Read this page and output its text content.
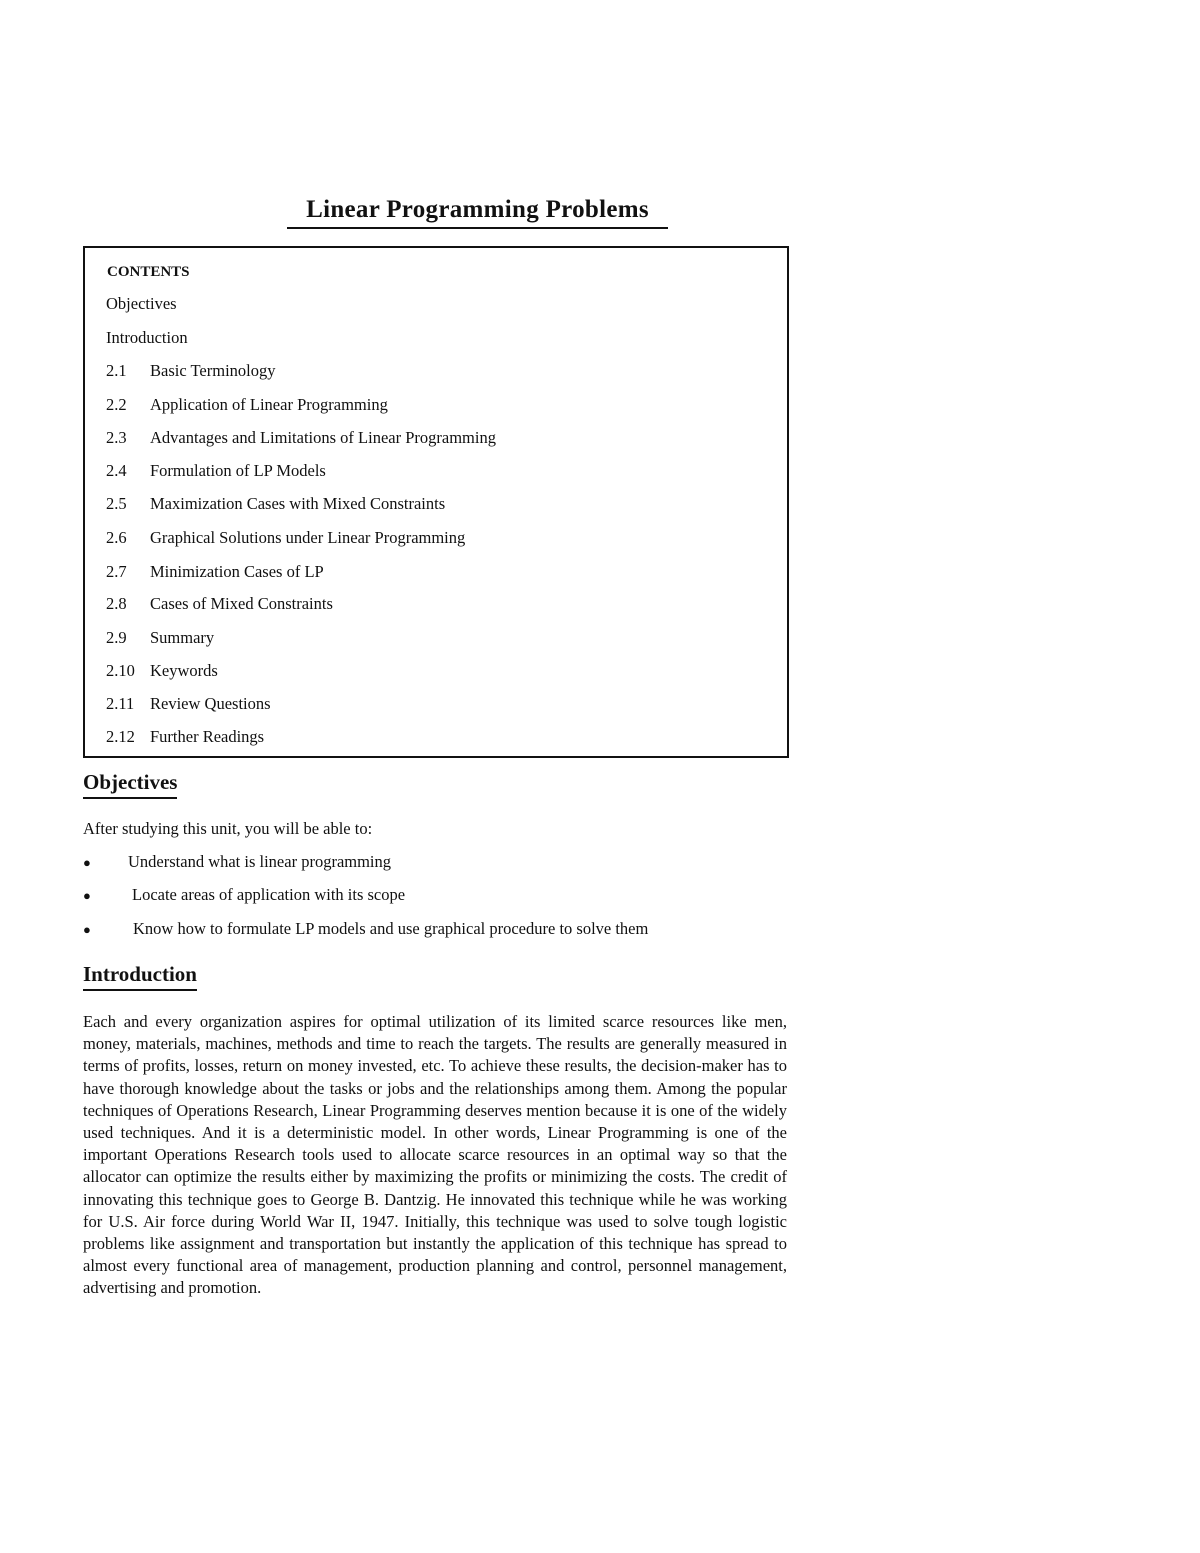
Linear Programming Problems
CONTENTS
Objectives
Introduction
2.1 Basic Terminology
2.2 Application of Linear Programming
2.3 Advantages and Limitations of Linear Programming
2.4 Formulation of LP Models
2.5 Maximization Cases with Mixed Constraints
2.6 Graphical Solutions under Linear Programming
2.7 Minimization Cases of LP
2.8 Cases of Mixed Constraints
2.9 Summary
2.10 Keywords
2.11 Review Questions
2.12 Further Readings
Objectives
After studying this unit, you will be able to:
● Understand what is linear programming
● Locate areas of application with its scope
●	Know how to formulate LP models and use graphical procedure to solve them
Introduction
Each and every organization aspires for optimal utilization of its limited scarce resources like men, money, materials, machines, methods and time to reach the targets. The results are generally measured in terms of profits, losses, return on money invested, etc. To achieve these results, the decision-maker has to have thorough knowledge about the tasks or jobs and the relationships among them. Among the popular techniques of Operations Research, Linear Programming deserves mention because it is one of the widely used techniques. And it is a deterministic model. In other words, Linear Programming is one of the important Operations Research tools used to allocate scarce resources in an optimal way so that the allocator can optimize the results either by maximizing the profits or minimizing the costs. The credit of innovating this technique goes to George B. Dantzig. He innovated this technique while he was working for U.S. Air force during World War II, 1947. Initially, this technique was used to solve tough logistic problems like assignment and transportation but instantly the application of this technique has spread to almost every functional area of management, production planning and control, personnel management, advertising and promotion.
